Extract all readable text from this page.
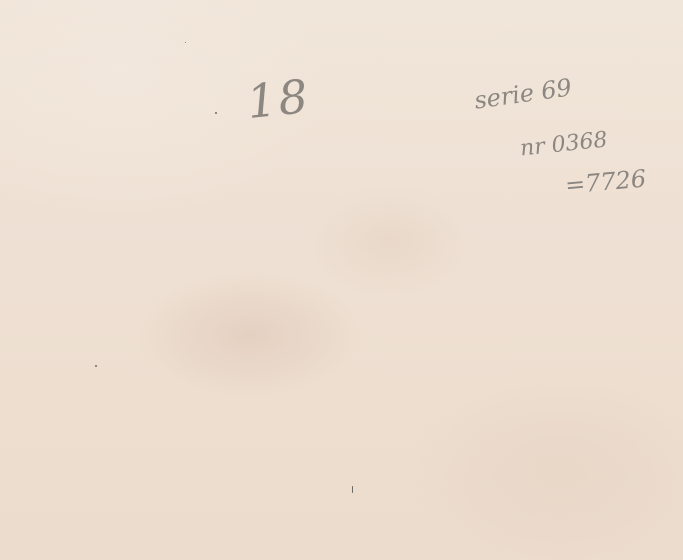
18	serie 69
nr 0368
=7726
